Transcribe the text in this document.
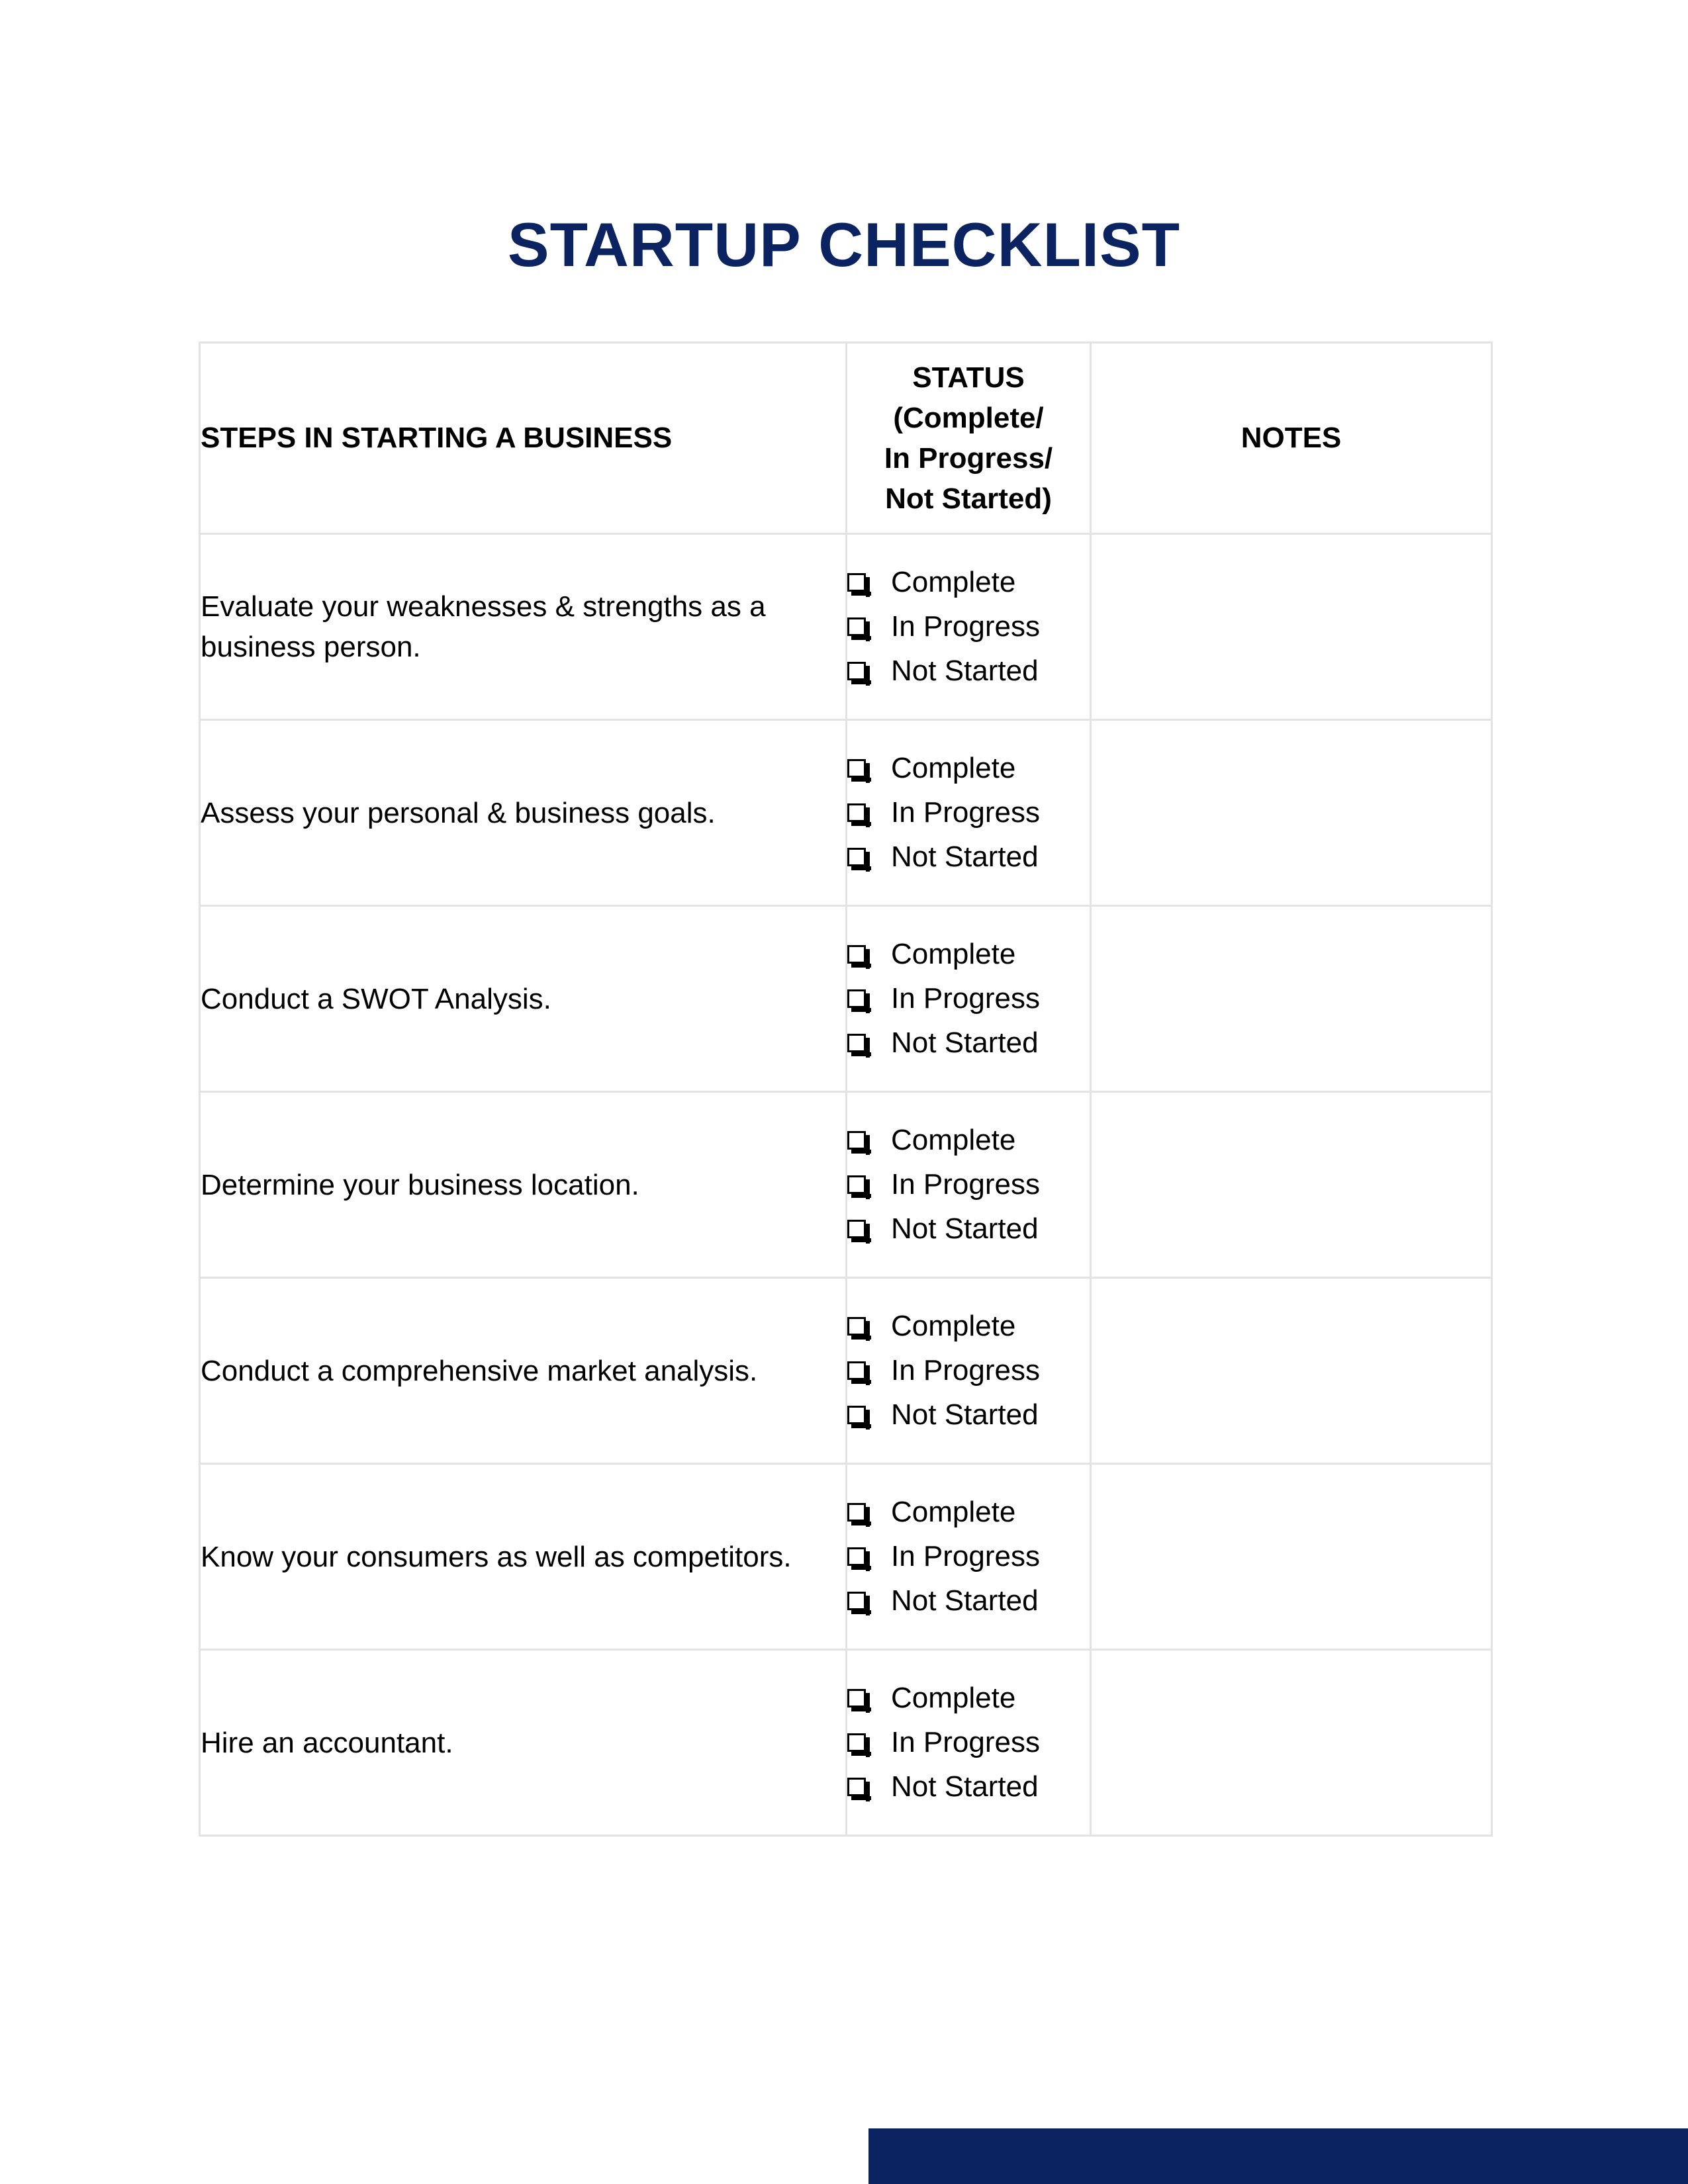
STARTUP CHECKLIST
STEPS IN STARTING A BUSINESS	STATUS
(Complete/
In Progress/
Not Started)	NOTES
Evaluate your weaknesses & strengths as a business person.	Complete
In Progress
Not Started	

Assess your personal & business goals.	Complete
In Progress
Not Started	

Conduct a SWOT Analysis.	Complete
In Progress
Not Started	

Determine your business location.	Complete
In Progress
Not Started	

Conduct a comprehensive market analysis.	Complete
In Progress
Not Started	

Know your consumers as well as competitors.	Complete
In Progress
Not Started	

Hire an accountant.	Complete
In Progress
Not Started	
